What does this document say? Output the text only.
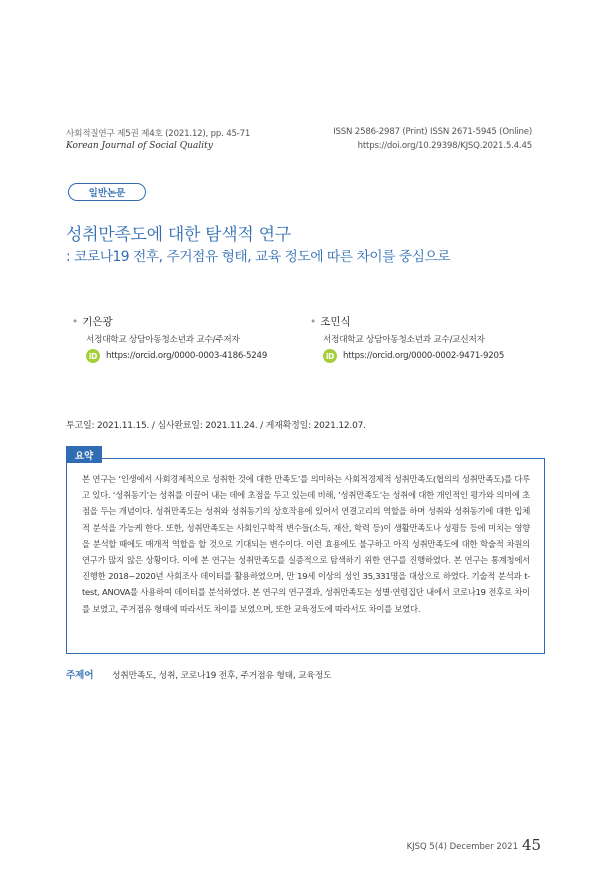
사회적질연구 제5권 제4호 (2021.12), pp. 45-71
Korean Journal of Social Quality
ISSN 2586-2987 (Print) ISSN 2671-5945 (Online)
https://doi.org/10.29398/KJSQ.2021.5.4.45
일반논문
성취만족도에 대한 탐색적 연구
: 코로나19 전후, 주거점유 형태, 교육 정도에 따른 차이를 중심으로
• 기은광
서정대학교 상담아동청소년과 교수/주저자
iD	https://orcid.org/0000-0003-4186-5249
• 조민식
서정대학교 상담아동청소년과 교수/교신저자
iD	https://orcid.org/0000-0002-9471-9205
투고일: 2021.11.15. / 심사완료일: 2021.11.24. / 게재확정일: 2021.12.07.
본 연구는 ‘인생에서 사회경제적으로 성취한 것에 대한 만족도’를 의미하는 사회적경제적 성취만족도(협의의 성취만족도)를 다루고 있다. ‘성취동기’는 성취를 이끌어 내는 데에 초점을 두고 있는데 비해, ‘성취만족도’는 성취에 대한 개인적인 평가와 의미에 초점을 두는 개념이다. 성취만족도는 성취와 성취동기의 상호작용에 있어서 연결고리의 역할을 하며 성취와 성취동기에 대한 입체적 분석을 가능케 한다. 또한, 성취만족도는 사회인구학적 변수들(소득, 재산, 학력 등)이 생활만족도나 성평등 등에 미치는 영향을 분석할 때에도 매개적 역할을 할 것으로 기대되는 변수이다. 이런 효용에도 불구하고 아직 성취만족도에 대한 학술적 차원의 연구가 많지 않은 상황이다. 이에 본 연구는 성취만족도를 실증적으로 탐색하기 위한 연구를 진행하였다. 본 연구는 통계청에서 진행한 2018~2020년 사회조사 데이터를 활용하였으며, 만 19세 이상의 성인 35,331명을 대상으로 하였다. 기술적 분석과 t-test, ANOVA를 사용하여 데이터를 분석하였다. 본 연구의 연구결과, 성취만족도는 성별·연령집단 내에서 코로나19 전후로 차이를 보였고, 주거점유 형태에 따라서도 차이를 보였으며, 또한 교육정도에 따라서도 차이를 보였다.
요약
주제어 성취만족도, 성취, 코로나19 전후, 주거점유 형태, 교육정도
KJSQ 5(4) December 2021 45
